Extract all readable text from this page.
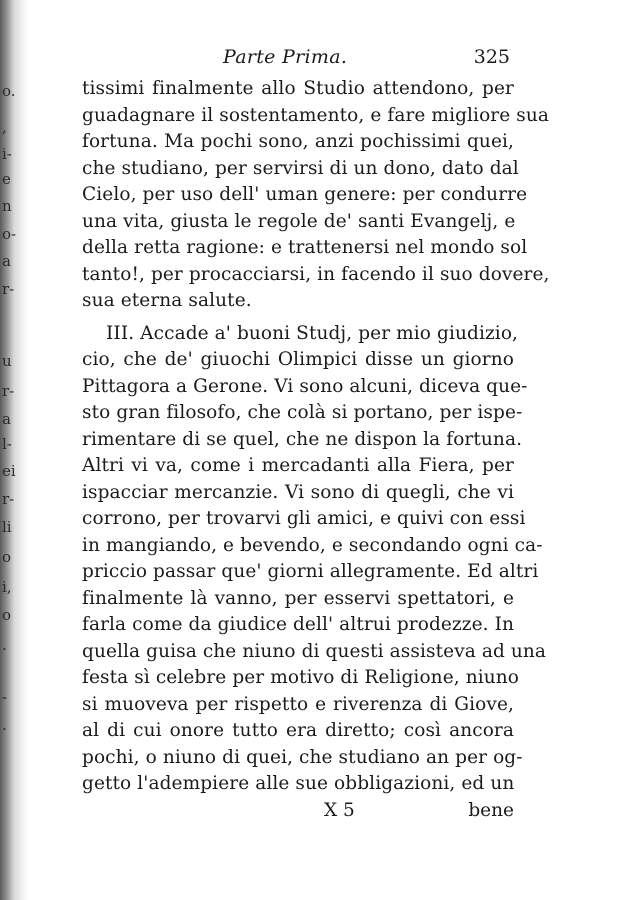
o.
,
i-
e
n
o-
a
r-
u
r-
a
l-
ei
r-
li
o
i,
o
.
-
.
Parte Prima.	325
tissimi finalmente allo Studio attendono, per
guadagnare il sostentamento, e fare migliore sua
fortuna. Ma pochi sono, anzi pochissimi quei,
che studiano, per servirsi di un dono, dato dal
Cielo, per uso dell' uman genere: per condurre
una vita, giusta le regole de' santi Evangelj, e
della retta ragione: e trattenersi nel mondo sol
tanto!, per procacciarsi, in facendo il suo dovere,
sua eterna salute.
III. Accade a' buoni Studj, per mio giudizio,
cio, che de' giuochi Olimpici disse un giorno
Pittagora a Gerone. Vi sono alcuni, diceva que-
sto gran filosofo, che colà si portano, per ispe-
rimentare di se quel, che ne dispon la fortuna.
Altri vi va, come i mercadanti alla Fiera, per
ispacciar mercanzie. Vi sono di quegli, che vi
corrono, per trovarvi gli amici, e quivi con essi
in mangiando, e bevendo, e secondando ogni ca-
priccio passar que' giorni allegramente. Ed altri
finalmente là vanno, per esservi spettatori, e
farla come da giudice dell' altrui prodezze. In
quella guisa che niuno di questi assisteva ad una
festa sì celebre per motivo di Religione, niuno
si muoveva per rispetto e riverenza di Giove,
al di cui onore tutto era diretto; così ancora
pochi, o niuno di quei, che studiano an per og-
getto l'adempiere alle sue obbligazioni, ed un
X 5	bene
